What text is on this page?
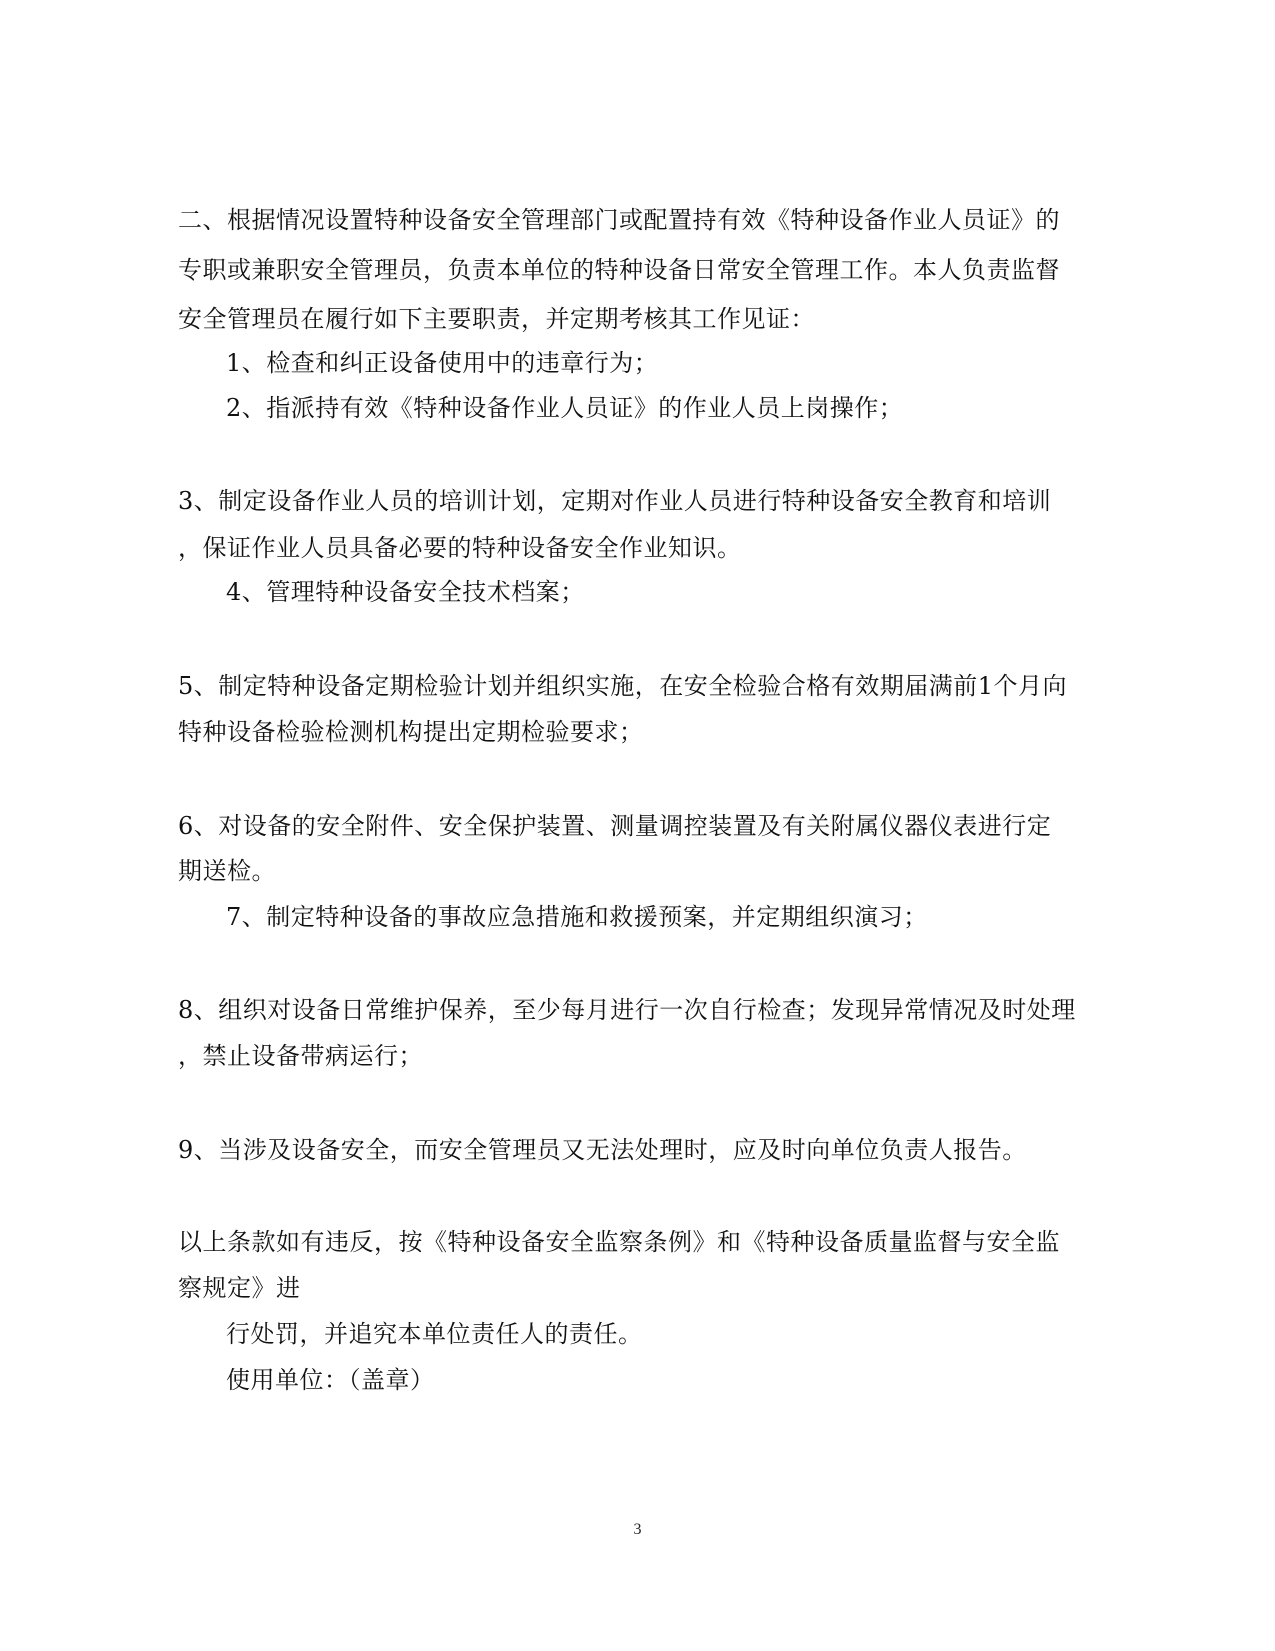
二、根据情况设置特种设备安全管理部门或配置持有效《特种设备作业人员证》的
专职或兼职安全管理员，负责本单位的特种设备日常安全管理工作。本人负责监督
安全管理员在履行如下主要职责，并定期考核其工作见证：
1、检查和纠正设备使用中的违章行为；
2、指派持有效《特种设备作业人员证》的作业人员上岗操作；
3、制定设备作业人员的培训计划，定期对作业人员进行特种设备安全教育和培训
，保证作业人员具备必要的特种设备安全作业知识。
4、管理特种设备安全技术档案；
5、制定特种设备定期检验计划并组织实施，在安全检验合格有效期届满前1个月向
特种设备检验检测机构提出定期检验要求；
6、对设备的安全附件、安全保护装置、测量调控装置及有关附属仪器仪表进行定
期送检。
7、制定特种设备的事故应急措施和救援预案，并定期组织演习；
8、组织对设备日常维护保养，至少每月进行一次自行检查；发现异常情况及时处理
，禁止设备带病运行；
9、当涉及设备安全，而安全管理员又无法处理时，应及时向单位负责人报告。
以上条款如有违反，按《特种设备安全监察条例》和《特种设备质量监督与安全监
察规定》进
行处罚，并追究本单位责任人的责任。
使用单位：（盖章）
3
